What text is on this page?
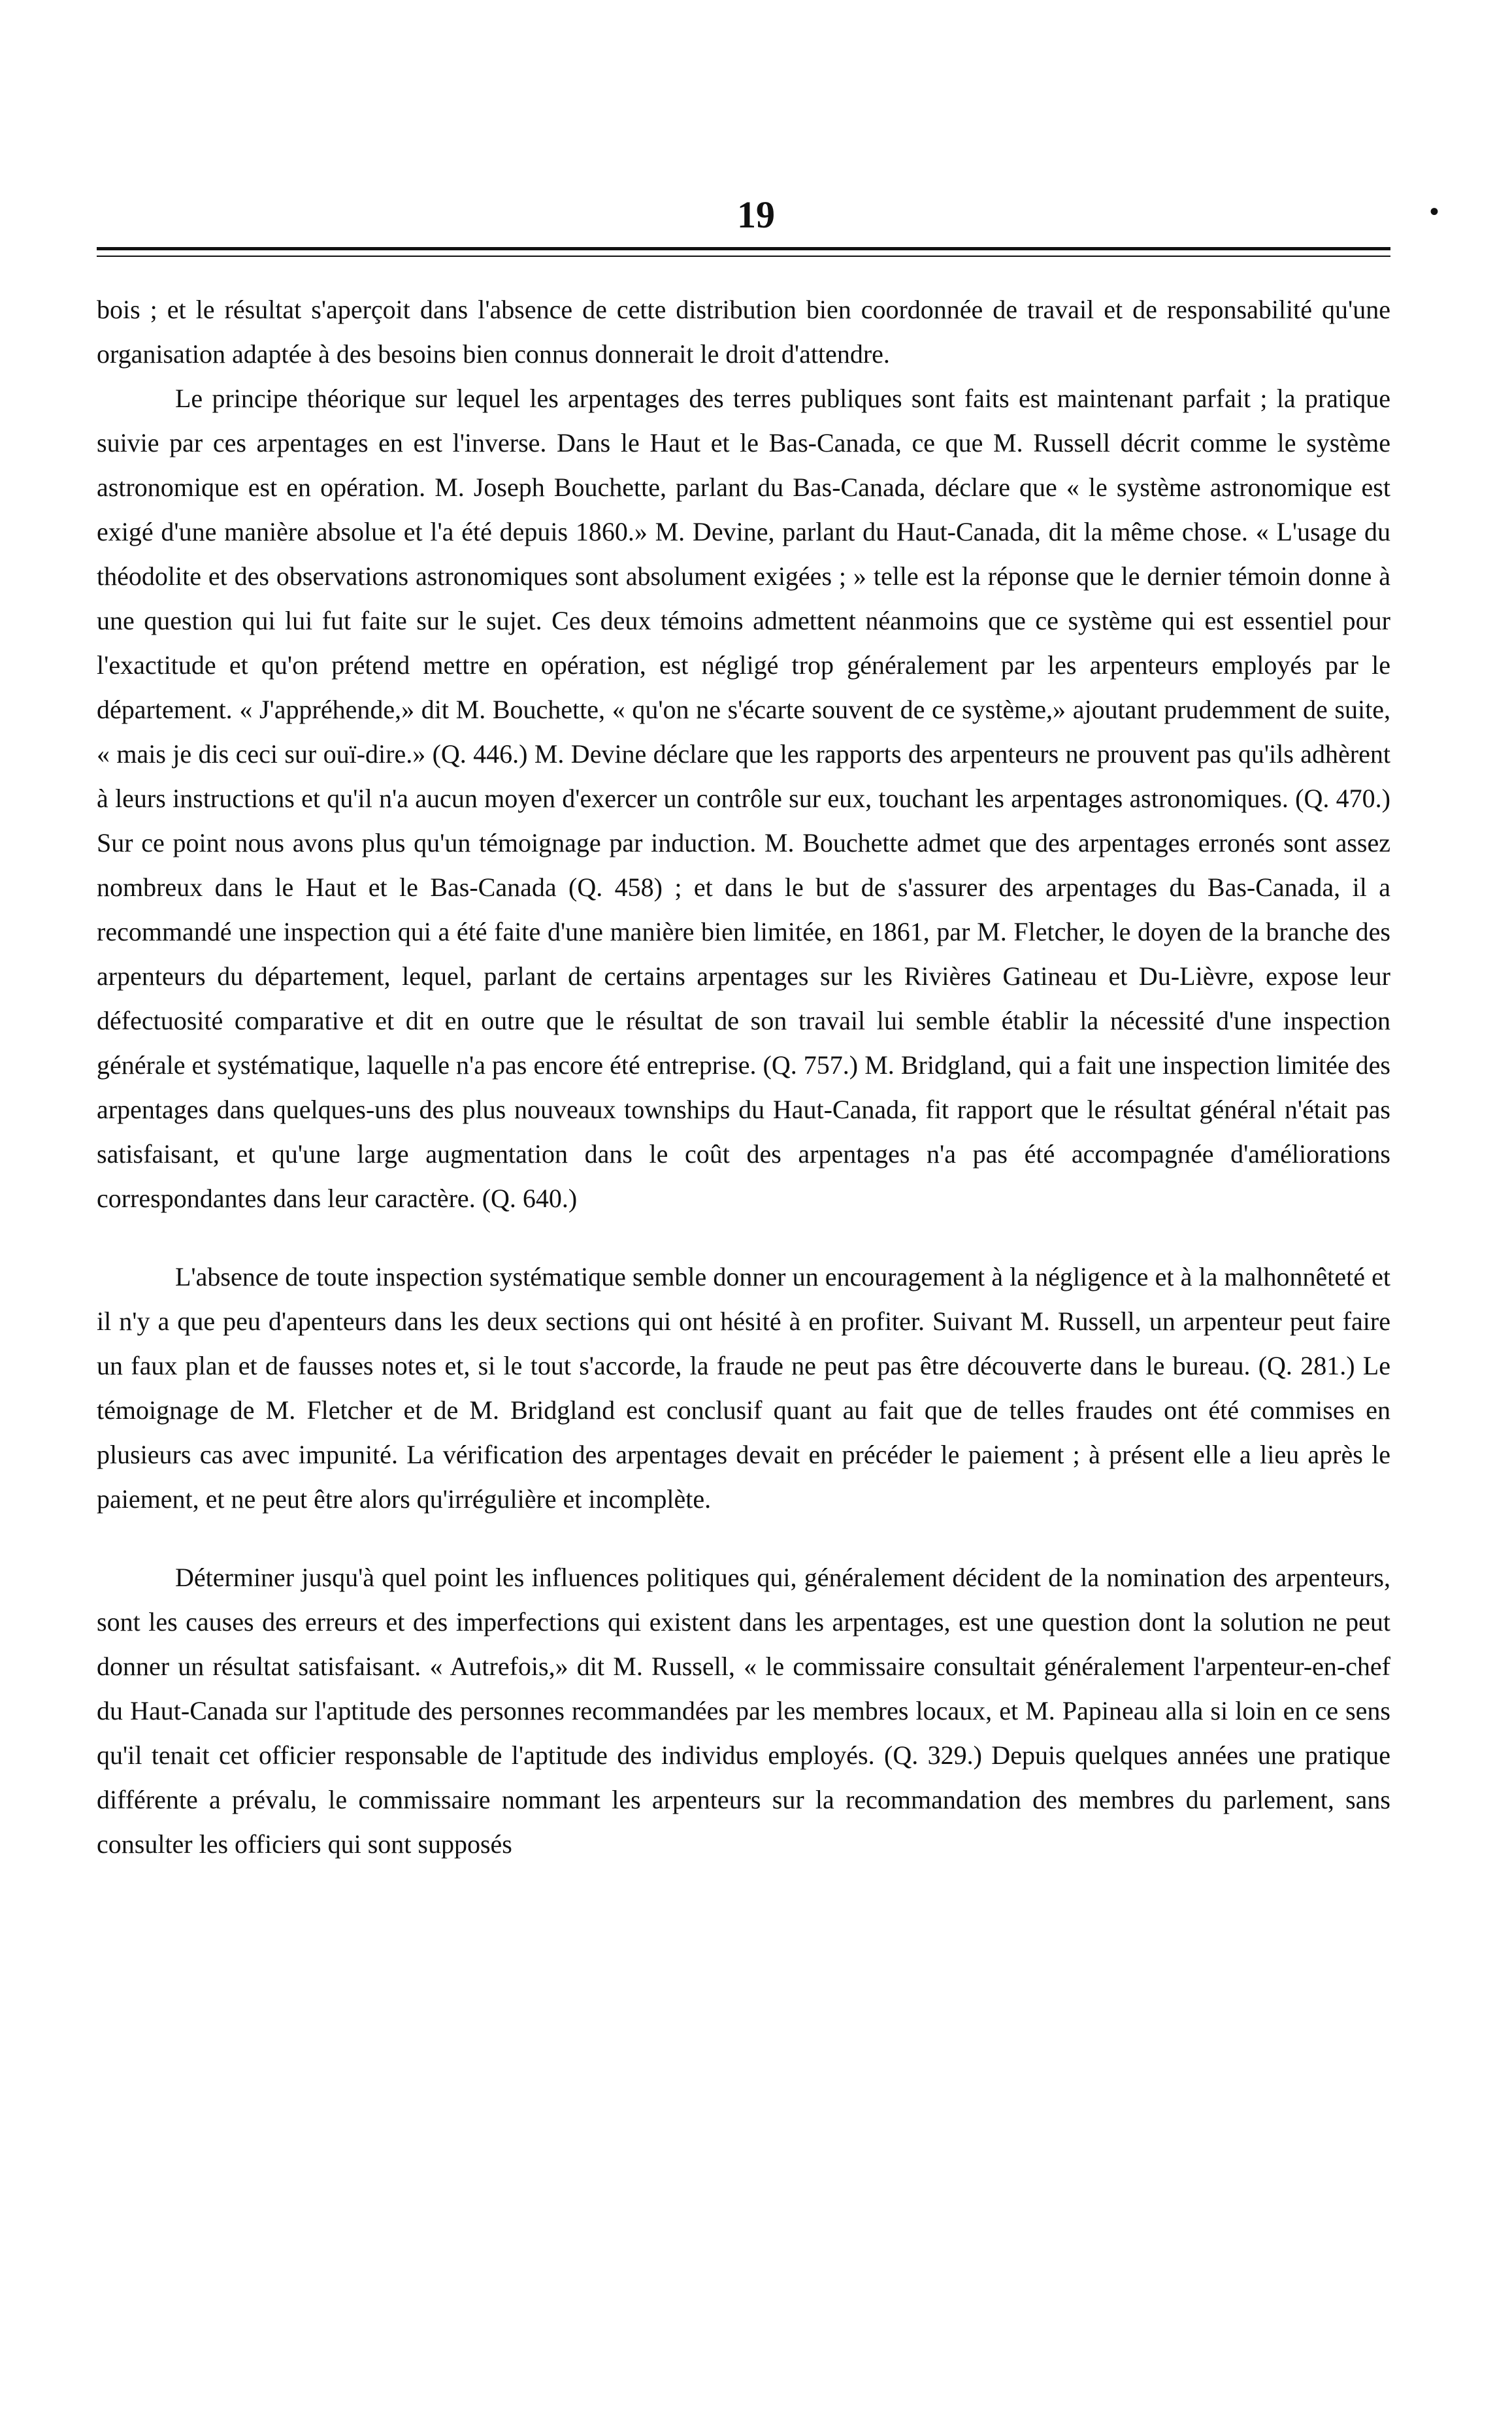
19	•

bois ; et le résultat s'aperçoit dans l'absence de cette distribution bien coordonnée de travail et de responsabilité qu'une organisation adaptée à des besoins bien connus donnerait le droit d'attendre.

Le principe théorique sur lequel les arpentages des terres publiques sont faits est maintenant parfait ; la pratique suivie par ces arpentages en est l'inverse. Dans le Haut et le Bas-Canada, ce que M. Russell décrit comme le système astronomique est en opération. M. Joseph Bouchette, parlant du Bas-Canada, déclare que « le système astronomique est exigé d'une manière absolue et l'a été depuis 1860.» M. Devine, parlant du Haut-Canada, dit la même chose. « L'usage du théodolite et des observations astronomiques sont absolument exigées ; » telle est la réponse que le dernier témoin donne à une question qui lui fut faite sur le sujet. Ces deux témoins admettent néanmoins que ce système qui est essentiel pour l'exactitude et qu'on prétend mettre en opération, est négligé trop généralement par les arpenteurs employés par le département. « J'appréhende,» dit M. Bouchette, « qu'on ne s'écarte souvent de ce système,» ajoutant prudemment de suite, « mais je dis ceci sur ouï-dire.» (Q. 446.) M. Devine déclare que les rapports des arpenteurs ne prouvent pas qu'ils adhèrent à leurs instructions et qu'il n'a aucun moyen d'exercer un contrôle sur eux, touchant les arpentages astronomiques. (Q. 470.) Sur ce point nous avons plus qu'un témoignage par induction. M. Bouchette admet que des arpentages erronés sont assez nombreux dans le Haut et le Bas-Canada (Q. 458) ; et dans le but de s'assurer des arpentages du Bas-Canada, il a recommandé une inspection qui a été faite d'une manière bien limitée, en 1861, par M. Fletcher, le doyen de la branche des arpenteurs du département, lequel, parlant de certains arpentages sur les Rivières Gatineau et Du-Lièvre, expose leur défectuosité comparative et dit en outre que le résultat de son travail lui semble établir la nécessité d'une inspection générale et systématique, laquelle n'a pas encore été entreprise. (Q. 757.) M. Bridgland, qui a fait une inspection limitée des arpentages dans quelques-uns des plus nouveaux townships du Haut-Canada, fit rapport que le résultat général n'était pas satisfaisant, et qu'une large augmentation dans le coût des arpentages n'a pas été accompagnée d'améliorations correspondantes dans leur caractère. (Q. 640.)

L'absence de toute inspection systématique semble donner un encouragement à la négligence et à la malhonnêteté et il n'y a que peu d'apenteurs dans les deux sections qui ont hésité à en profiter. Suivant M. Russell, un arpenteur peut faire un faux plan et de fausses notes et, si le tout s'accorde, la fraude ne peut pas être découverte dans le bureau. (Q. 281.) Le témoignage de M. Fletcher et de M. Bridgland est conclusif quant au fait que de telles fraudes ont été commises en plusieurs cas avec impunité. La vérification des arpentages devait en précéder le paiement ; à présent elle a lieu après le paiement, et ne peut être alors qu'irrégulière et incomplète.

Déterminer jusqu'à quel point les influences politiques qui, généralement décident de la nomination des arpenteurs, sont les causes des erreurs et des imperfections qui existent dans les arpentages, est une question dont la solution ne peut donner un résultat satisfaisant. « Autrefois,» dit M. Russell, « le commissaire consultait généralement l'arpenteur-en-chef du Haut-Canada sur l'aptitude des personnes recommandées par les membres locaux, et M. Papineau alla si loin en ce sens qu'il tenait cet officier responsable de l'aptitude des individus employés. (Q. 329.) Depuis quelques années une pratique différente a prévalu, le commissaire nommant les arpenteurs sur la recommandation des membres du parlement, sans consulter les officiers qui sont supposés
